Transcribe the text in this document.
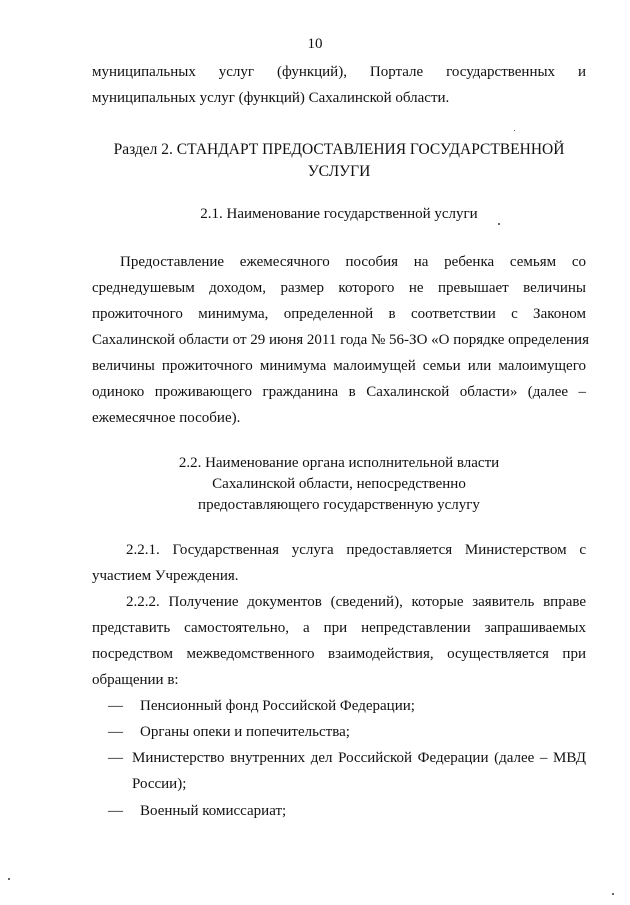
10
муниципальных услуг (функций), Портале государственных и
муниципальных услуг (функций) Сахалинской области.
Раздел 2. СТАНДАРТ ПРЕДОСТАВЛЕНИЯ ГОСУДАРСТВЕННОЙ
УСЛУГИ
2.1. Наименование государственной услуги
Предоставление ежемесячного пособия на ребенка семьям со
среднедушевым доходом, размер которого не превышает величины
прожиточного минимума, определенной в соответствии с Законом
Сахалинской области от 29 июня 2011 года № 56-ЗО «О порядке определения
величины прожиточного минимума малоимущей семьи или малоимущего
одиноко проживающего гражданина в Сахалинской области» (далее –
ежемесячное пособие).
2.2. Наименование органа исполнительной власти
Сахалинской области, непосредственно
предоставляющего государственную услугу
2.2.1. Государственная услуга предоставляется Министерством с
участием Учреждения.
2.2.2. Получение документов (сведений), которые заявитель вправе
представить самостоятельно, а при непредставлении запрашиваемых
посредством межведомственного взаимодействия, осуществляется при
обращении в:
— Пенсионный фонд Российской Федерации;
— Органы опеки и попечительства;
— Министерство внутренних дел Российской Федерации (далее – МВД
России);
— Военный комиссариат;
